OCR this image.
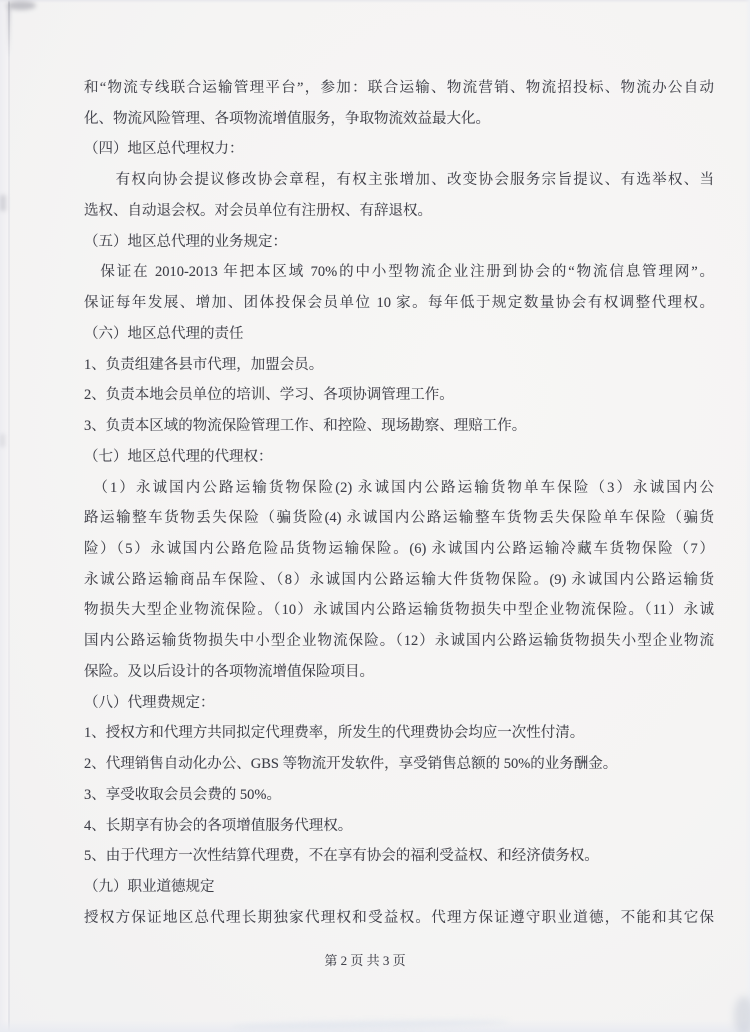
和“物流专线联合运输管理平台”，参加：联合运输、物流营销、物流招投标、物流办公自动
化、物流风险管理、各项物流增值服务，争取物流效益最大化。
（四）地区总代理权力：
　　有权向协会提议修改协会章程，有权主张增加、改变协会服务宗旨提议、有选举权、当
选权、自动退会权。对会员单位有注册权、有辞退权。
（五）地区总代理的业务规定：
　保证在 2010-2013 年把本区域 70%的中小型物流企业注册到协会的“物流信息管理网”。
保证每年发展、增加、团体投保会员单位 10 家。每年低于规定数量协会有权调整代理权。
（六）地区总代理的责任
1、负责组建各县市代理，加盟会员。
2、负责本地会员单位的培训、学习、各项协调管理工作。
3、负责本区域的物流保险管理工作、和控险、现场勘察、理赔工作。
（七）地区总代理的代理权：
　（1）永诚国内公路运输货物保险(2) 永诚国内公路运输货物单车保险（3）永诚国内公
路运输整车货物丢失保险（骗货险(4) 永诚国内公路运输整车货物丢失保险单车保险（骗货
险）（5）永诚国内公路危险品货物运输保险。(6) 永诚国内公路运输冷藏车货物保险（7）
永诚公路运输商品车保险、（8）永诚国内公路运输大件货物保险。(9) 永诚国内公路运输货
物损失大型企业物流保险。（10）永诚国内公路运输货物损失中型企业物流保险。（11）永诚
国内公路运输货物损失中小型企业物流保险。（12）永诚国内公路运输货物损失小型企业物流
保险。及以后设计的各项物流增值保险项目。
（八）代理费规定：
1、授权方和代理方共同拟定代理费率，所发生的代理费协会均应一次性付清。
2、代理销售自动化办公、GBS 等物流开发软件，享受销售总额的 50%的业务酬金。
3、享受收取会员会费的 50%。
4、长期享有协会的各项增值服务代理权。
5、由于代理方一次性结算代理费，不在享有协会的福利受益权、和经济债务权。
（九）职业道德规定
授权方保证地区总代理长期独家代理权和受益权。代理方保证遵守职业道德，不能和其它保
第 2 页 共 3 页
